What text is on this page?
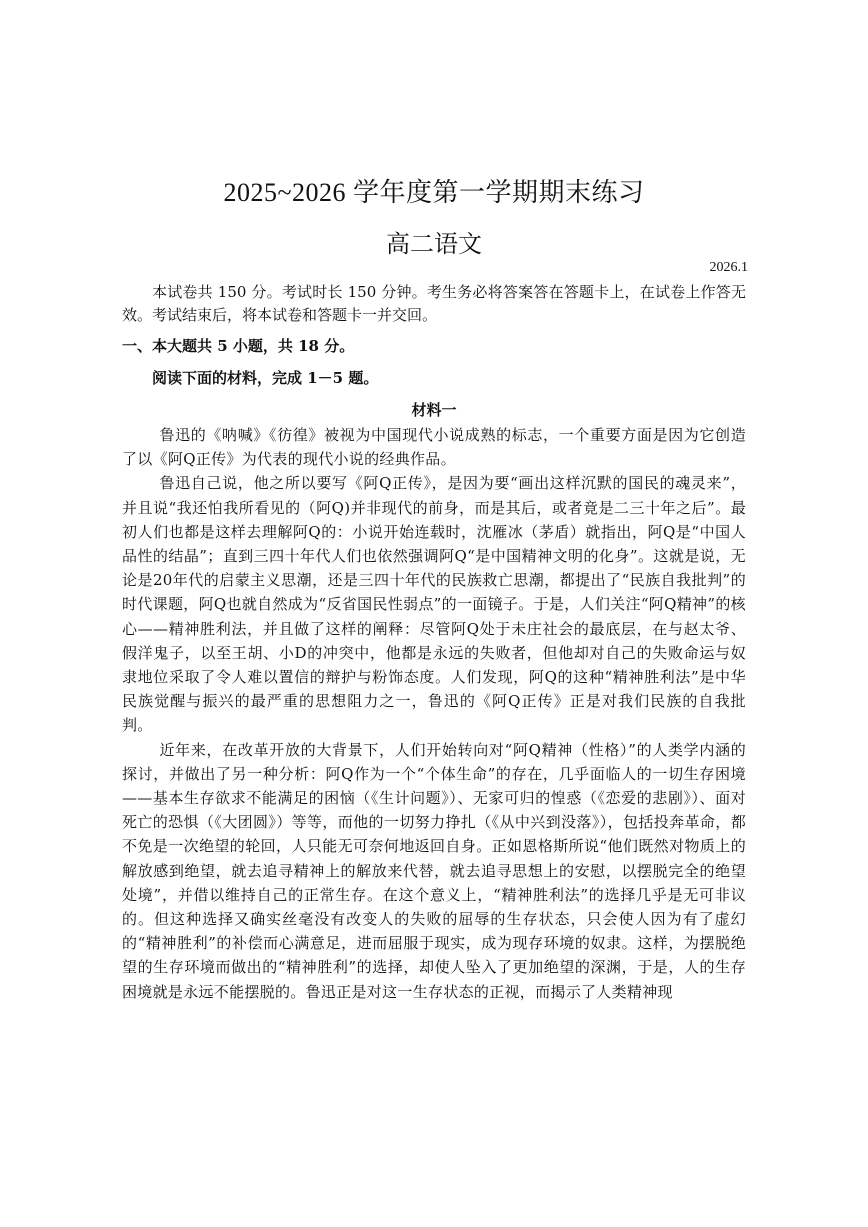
2025~2026 学年度第一学期期末练习
高二语文
2026.1

本试卷共 150 分。考试时长 150 分钟。考生务必将答案答在答题卡上，在试卷上作答无效。考试结束后，将本试卷和答题卡一并交回。

一、本大题共 5 小题，共 18 分。

阅读下面的材料，完成 1－5 题。

材料一

鲁迅的《呐喊》《彷徨》被视为中国现代小说成熟的标志，一个重要方面是因为它创造了以《阿Q正传》为代表的现代小说的经典作品。

鲁迅自己说，他之所以要写《阿Q正传》，是因为要“画出这样沉默的国民的魂灵来”，并且说“我还怕我所看见的（阿Q)并非现代的前身，而是其后，或者竟是二三十年之后”。最初人们也都是这样去理解阿Q的：小说开始连载时，沈雁冰（茅盾）就指出，阿Q是“中国人品性的结晶”；直到三四十年代人们也依然强调阿Q“是中国精神文明的化身”。这就是说，无论是20年代的启蒙主义思潮，还是三四十年代的民族救亡思潮，都提出了“民族自我批判”的时代课题，阿Q也就自然成为“反省国民性弱点”的一面镜子。于是，人们关注“阿Q精神”的核心——精神胜利法，并且做了这样的阐释：尽管阿Q处于未庄社会的最底层，在与赵太爷、假洋鬼子，以至王胡、小D的冲突中，他都是永远的失败者，但他却对自己的失败命运与奴隶地位采取了令人难以置信的辩护与粉饰态度。人们发现，阿Q的这种“精神胜利法”是中华民族觉醒与振兴的最严重的思想阻力之一，鲁迅的《阿Q正传》正是对我们民族的自我批判。

近年来，在改革开放的大背景下，人们开始转向对“阿Q精神（性格）”的人类学内涵的探讨，并做出了另一种分析：阿Q作为一个“个体生命”的存在，几乎面临人的一切生存困境——基本生存欲求不能满足的困恼（《生计问题》）、无家可归的惶惑（《恋爱的悲剧》）、面对死亡的恐惧（《大团圆》）等等，而他的一切努力挣扎（《从中兴到没落》），包括投奔革命，都不免是一次绝望的轮回，人只能无可奈何地返回自身。正如恩格斯所说“他们既然对物质上的解放感到绝望，就去追寻精神上的解放来代替，就去追寻思想上的安慰，以摆脱完全的绝望处境”，并借以维持自己的正常生存。在这个意义上，“精神胜利法”的选择几乎是无可非议的。但这种选择又确实丝毫没有改变人的失败的屈辱的生存状态，只会使人因为有了虚幻的“精神胜利”的补偿而心满意足，进而屈服于现实，成为现存环境的奴隶。这样，为摆脱绝望的生存环境而做出的“精神胜利”的选择，却使人坠入了更加绝望的深渊，于是，人的生存困境就是永远不能摆脱的。鲁迅正是对这一生存状态的正视，而揭示了人类精神现
